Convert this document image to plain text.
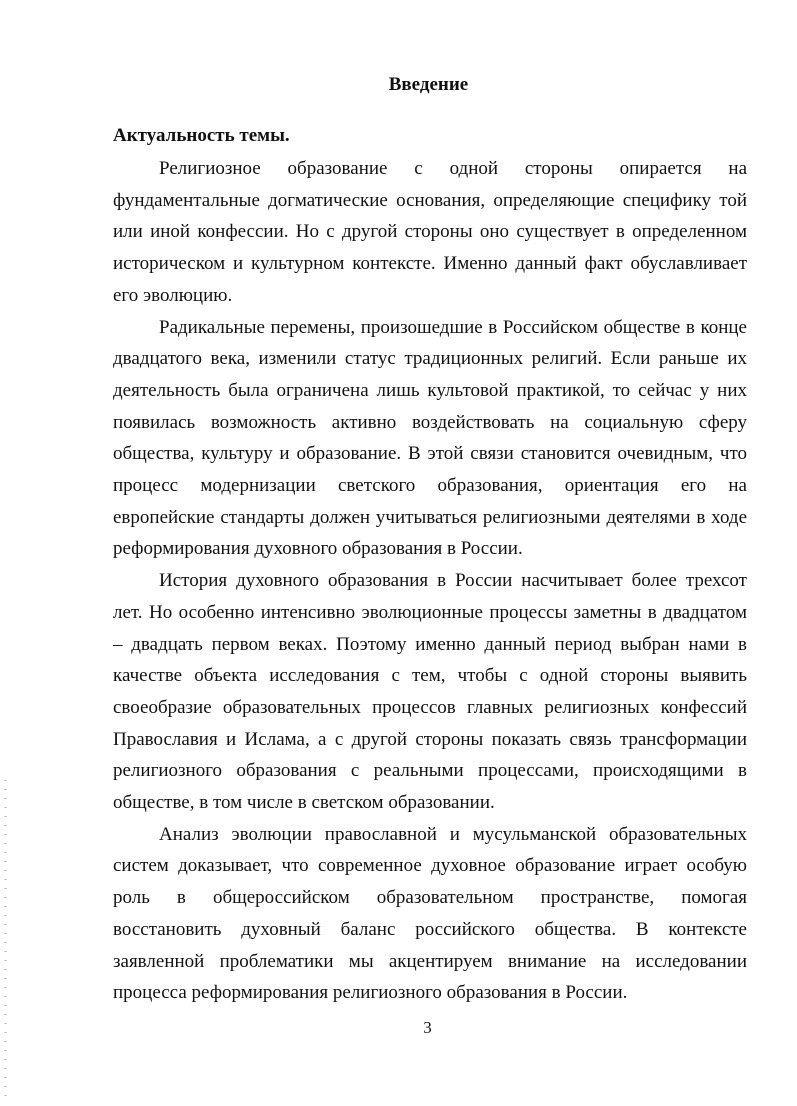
Введение
Актуальность темы.

Религиозное образование с одной стороны опирается на фундаментальные догматические основания, определяющие специфику той или иной конфессии. Но с другой стороны оно существует в определенном историческом и культурном контексте. Именно данный факт обуславливает его эволюцию.

Радикальные перемены, произошедшие в Российском обществе в конце двадцатого века, изменили статус традиционных религий. Если раньше их деятельность была ограничена лишь культовой практикой, то сейчас у них появилась возможность активно воздействовать на социальную сферу общества, культуру и образование. В этой связи становится очевидным, что процесс модернизации светского образования, ориентация его на европейские стандарты должен учитываться религиозными деятелями в ходе реформирования духовного образования в России.

История духовного образования в России насчитывает более трехсот лет. Но особенно интенсивно эволюционные процессы заметны в двадцатом – двадцать первом веках. Поэтому именно данный период выбран нами в качестве объекта исследования с тем, чтобы с одной стороны выявить своеобразие образовательных процессов главных религиозных конфессий Православия и Ислама, а с другой стороны показать связь трансформации религиозного образования с реальными процессами, происходящими в обществе, в том числе в светском образовании.

Анализ эволюции православной и мусульманской образовательных систем доказывает, что современное духовное образование играет особую роль в общероссийском образовательном пространстве, помогая восстановить духовный баланс российского общества. В контексте заявленной проблематики мы акцентируем внимание на исследовании процесса реформирования религиозного образования в России.

3
